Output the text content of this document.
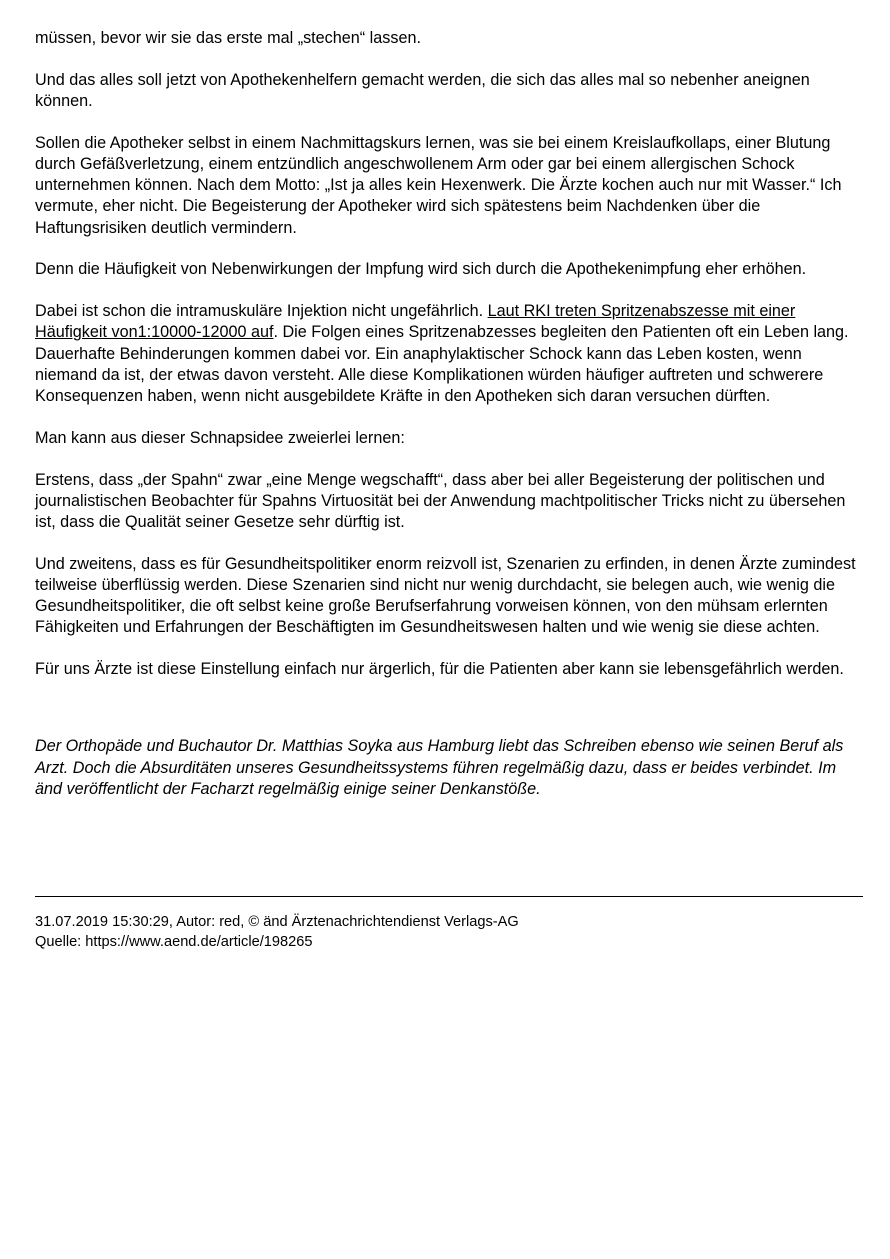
müssen, bevor wir sie das erste mal „stechen“ lassen.

Und das alles soll jetzt von Apothekenhelfern gemacht werden, die sich das alles mal so nebenher aneignen können.

Sollen die Apotheker selbst in einem Nachmittagskurs lernen, was sie bei einem Kreislaufkollaps, einer Blutung durch Gefäßverletzung, einem entzündlich angeschwollenem Arm oder gar bei einem allergischen Schock unternehmen können. Nach dem Motto: „Ist ja alles kein Hexenwerk. Die Ärzte kochen auch nur mit Wasser.“ Ich vermute, eher nicht. Die Begeisterung der Apotheker wird sich spätestens beim Nachdenken über die Haftungsrisiken deutlich vermindern.

Denn die Häufigkeit von Nebenwirkungen der Impfung wird sich durch die Apothekenimpfung eher erhöhen.

Dabei ist schon die intramuskuläre Injektion nicht ungefährlich. Laut RKI treten Spritzenabszesse mit einer Häufigkeit von1:10000-12000 auf. Die Folgen eines Spritzenabzesses begleiten den Patienten oft ein Leben lang. Dauerhafte Behinderungen kommen dabei vor. Ein anaphylaktischer Schock kann das Leben kosten, wenn niemand da ist, der etwas davon versteht. Alle diese Komplikationen würden häufiger auftreten und schwerere Konsequenzen haben, wenn nicht ausgebildete Kräfte in den Apotheken sich daran versuchen dürften.

Man kann aus dieser Schnapsidee zweierlei lernen:

Erstens, dass „der Spahn“ zwar „eine Menge wegschafft“, dass aber bei aller Begeisterung der politischen und journalistischen Beobachter für Spahns Virtuosität bei der Anwendung machtpolitischer Tricks nicht zu übersehen ist, dass die Qualität seiner Gesetze sehr dürftig ist.

Und zweitens, dass es für Gesundheitspolitiker enorm reizvoll ist, Szenarien zu erfinden, in denen Ärzte zumindest teilweise überflüssig werden. Diese Szenarien sind nicht nur wenig durchdacht, sie belegen auch, wie wenig die Gesundheitspolitiker, die oft selbst keine große Berufserfahrung vorweisen können, von den mühsam erlernten Fähigkeiten und Erfahrungen der Beschäftigten im Gesundheitswesen halten und wie wenig sie diese achten.

Für uns Ärzte ist diese Einstellung einfach nur ärgerlich, für die Patienten aber kann sie lebensgefährlich werden.

Der Orthopäde und Buchautor Dr. Matthias Soyka aus Hamburg liebt das Schreiben ebenso wie seinen Beruf als Arzt. Doch die Absurditäten unseres Gesundheitssystems führen regelmäßig dazu, dass er beides verbindet. Im änd veröffentlicht der Facharzt regelmäßig einige seiner Denkanstöße.

31.07.2019 15:30:29, Autor: red, © änd Ärztenachrichtendienst Verlags-AG
Quelle: https://www.aend.de/article/198265
